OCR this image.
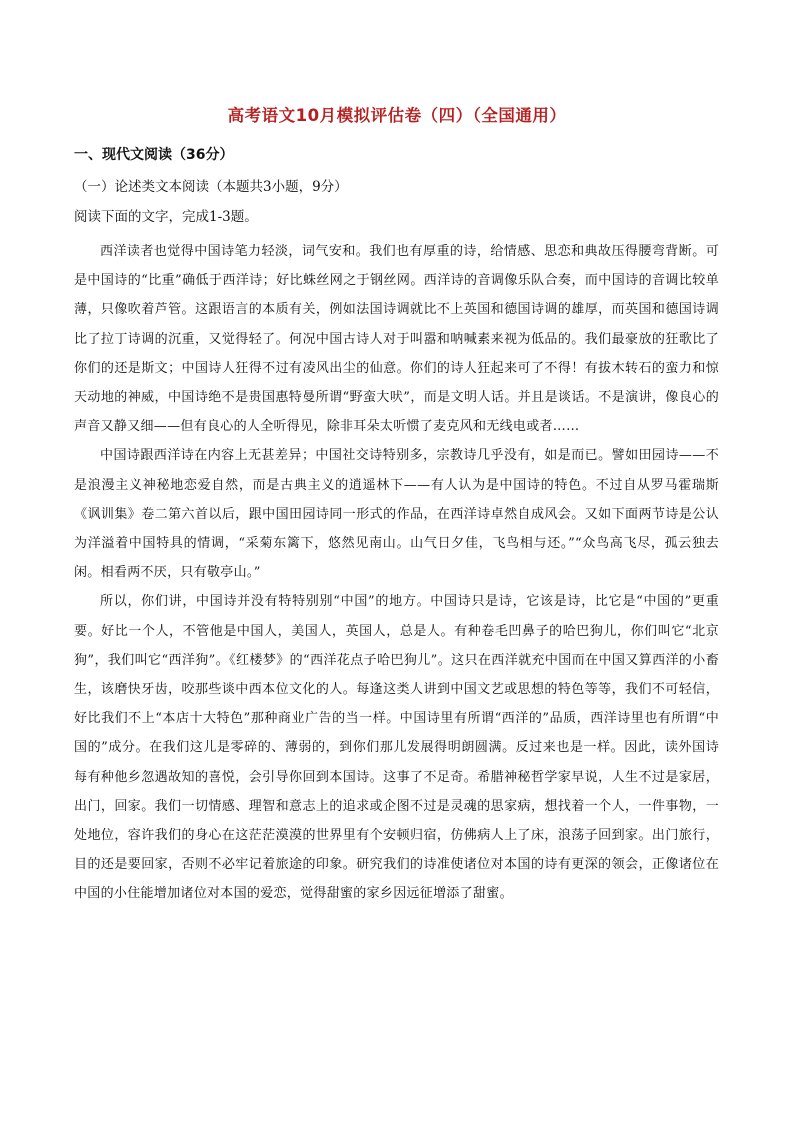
高考语文10月模拟评估卷（四）（全国通用）
一、现代文阅读（36分）
（一）论述类文本阅读（本题共3小题，9分）
阅读下面的文字，完成1-3题。

西洋读者也觉得中国诗笔力轻淡，词气安和。我们也有厚重的诗，给情感、思恋和典故压得腰弯背断。可是中国诗的“比重”确低于西洋诗；好比蛛丝网之于钢丝网。西洋诗的音调像乐队合奏，而中国诗的音调比较单薄，只像吹着芦管。这跟语言的本质有关，例如法国诗调就比不上英国和德国诗调的雄厚，而英国和德国诗调比了拉丁诗调的沉重，又觉得轻了。何况中国古诗人对于叫嚣和呐喊素来视为低品的。我们最豪放的狂歌比了你们的还是斯文；中国诗人狂得不过有凌风出尘的仙意。你们的诗人狂起来可了不得！有拔木转石的蛮力和惊天动地的神威，中国诗绝不是贵国惠特曼所谓“野蛮大吠”，而是文明人话。并且是谈话。不是演讲，像良心的声音又静又细——但有良心的人全听得见，除非耳朵太听惯了麦克风和无线电或者……

中国诗跟西洋诗在内容上无甚差异；中国社交诗特别多，宗教诗几乎没有，如是而已。譬如田园诗——不是浪漫主义神秘地恋爱自然，而是古典主义的逍遥林下——有人认为是中国诗的特色。不过自从罗马霍瑞斯《讽训集》卷二第六首以后，跟中国田园诗同一形式的作品，在西洋诗卓然自成风会。又如下面两节诗是公认为洋溢着中国特具的情调，“采菊东篱下，悠然见南山。山气日夕佳，飞鸟相与还。”“众鸟高飞尽，孤云独去闲。相看两不厌，只有敬亭山。”

所以，你们讲，中国诗并没有特特别别“中国”的地方。中国诗只是诗，它该是诗，比它是“中国的”更重要。好比一个人，不管他是中国人，美国人，英国人，总是人。有种卷毛凹鼻子的哈巴狗儿，你们叫它“北京狗”，我们叫它“西洋狗”。《红楼梦》的“西洋花点子哈巴狗儿”。这只在西洋就充中国而在中国又算西洋的小畜生，该磨快牙齿，咬那些谈中西本位文化的人。每逢这类人讲到中国文艺或思想的特色等等，我们不可轻信，好比我们不上“本店十大特色”那种商业广告的当一样。中国诗里有所谓“西洋的”品质，西洋诗里也有所谓“中国的”成分。在我们这儿是零碎的、薄弱的，到你们那儿发展得明朗圆满。反过来也是一样。因此，读外国诗每有种他乡忽遇故知的喜悦，会引导你回到本国诗。这事了不足奇。希腊神秘哲学家早说，人生不过是家居，出门，回家。我们一切情感、理智和意志上的追求或企图不过是灵魂的思家病，想找着一个人，一件事物，一处地位，容许我们的身心在这茫茫漠漠的世界里有个安顿归宿，仿佛病人上了床，浪荡子回到家。出门旅行，目的还是要回家，否则不必牢记着旅途的印象。研究我们的诗准使诸位对本国的诗有更深的领会，正像诸位在中国的小住能增加诸位对本国的爱恋，觉得甜蜜的家乡因远征增添了甜蜜。
